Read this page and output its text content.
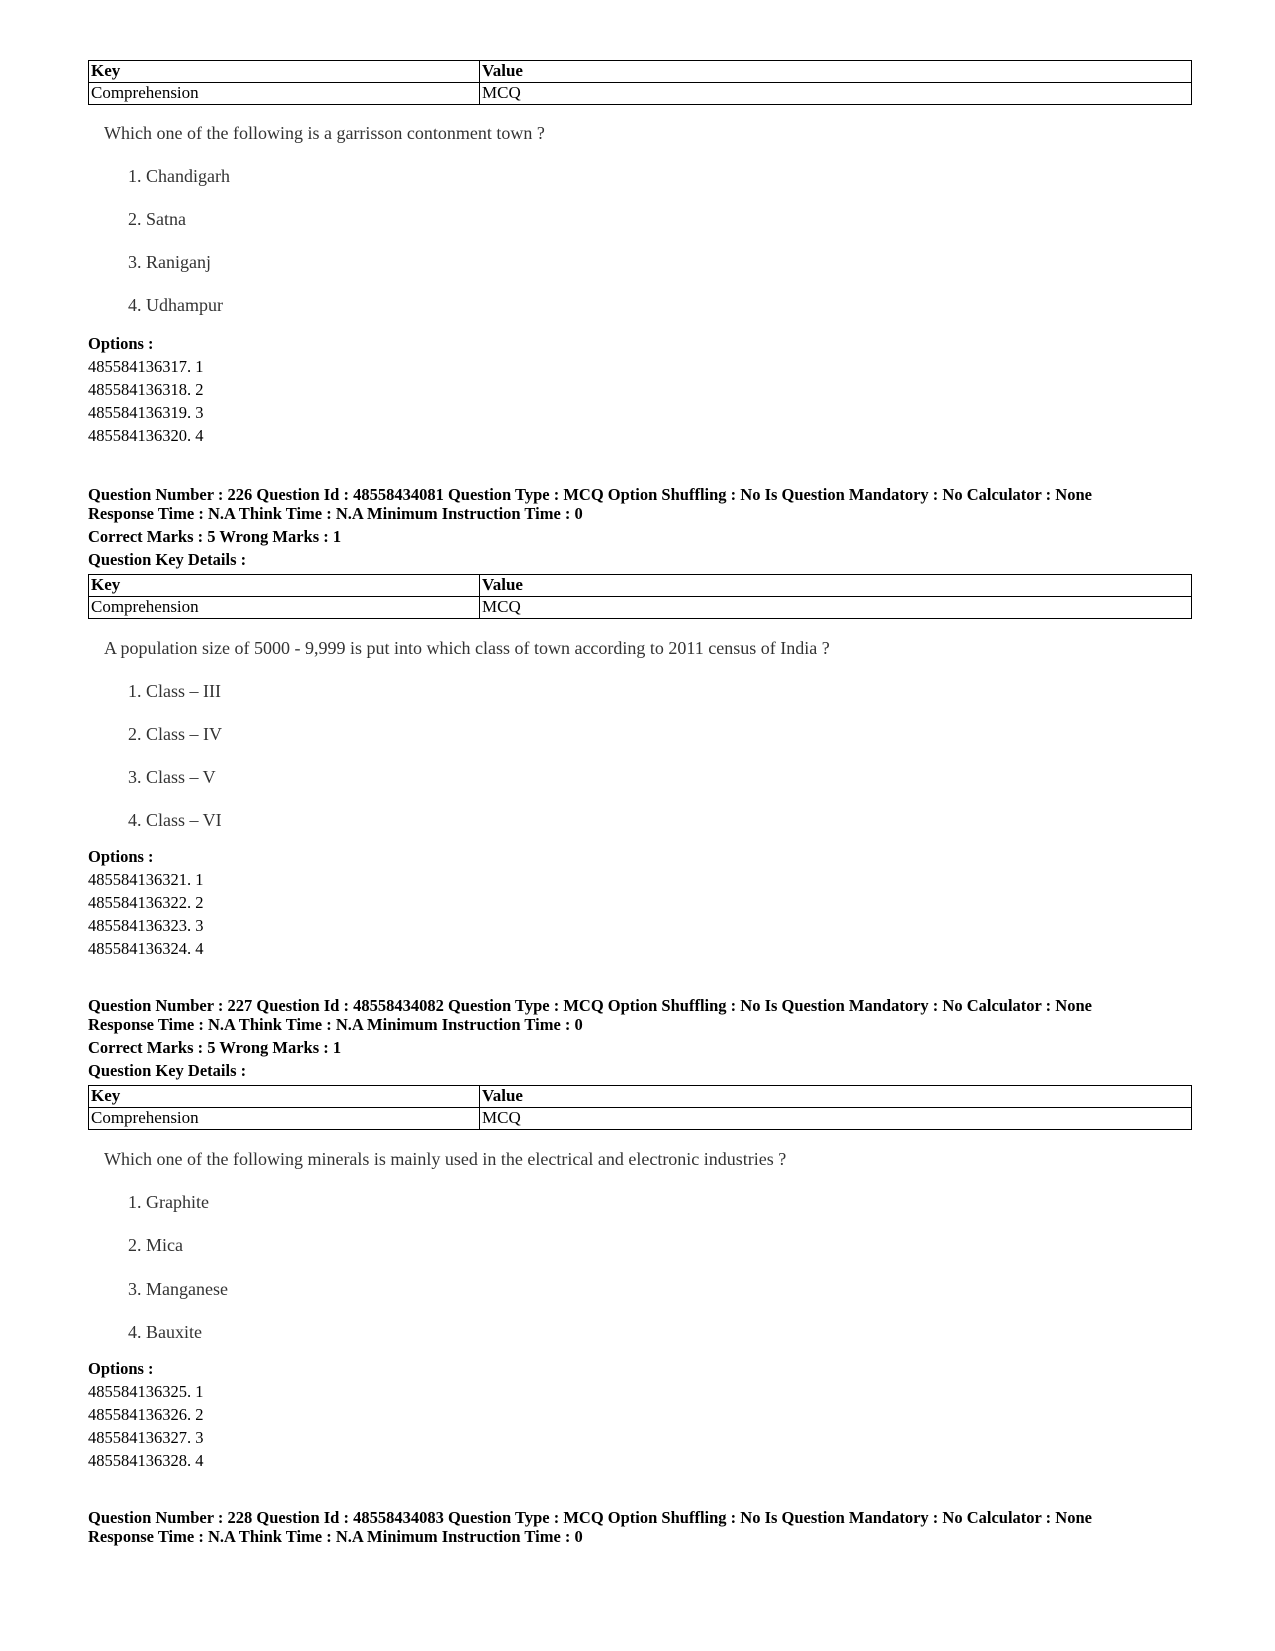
Key	Value
Comprehension	MCQ
Which one of the following is a garrisson contonment town ?
1. Chandigarh
2. Satna
3. Raniganj
4. Udhampur
Options :
485584136317. 1
485584136318. 2
485584136319. 3
485584136320. 4
Question Number : 226 Question Id : 48558434081 Question Type : MCQ Option Shuffling : No Is Question Mandatory : No Calculator : None
Response Time : N.A Think Time : N.A Minimum Instruction Time : 0
Correct Marks : 5 Wrong Marks : 1
Question Key Details :
Key	Value
Comprehension	MCQ
A population size of 5000 - 9,999 is put into which class of town according to 2011 census of India ?
1. Class – III
2. Class – IV
3. Class – V
4. Class – VI
Options :
485584136321. 1
485584136322. 2
485584136323. 3
485584136324. 4
Question Number : 227 Question Id : 48558434082 Question Type : MCQ Option Shuffling : No Is Question Mandatory : No Calculator : None
Response Time : N.A Think Time : N.A Minimum Instruction Time : 0
Correct Marks : 5 Wrong Marks : 1
Question Key Details :
Key	Value
Comprehension	MCQ
Which one of the following minerals is mainly used in the electrical and electronic industries ?
1. Graphite
2. Mica
3. Manganese
4. Bauxite
Options :
485584136325. 1
485584136326. 2
485584136327. 3
485584136328. 4
Question Number : 228 Question Id : 48558434083 Question Type : MCQ Option Shuffling : No Is Question Mandatory : No Calculator : None
Response Time : N.A Think Time : N.A Minimum Instruction Time : 0
